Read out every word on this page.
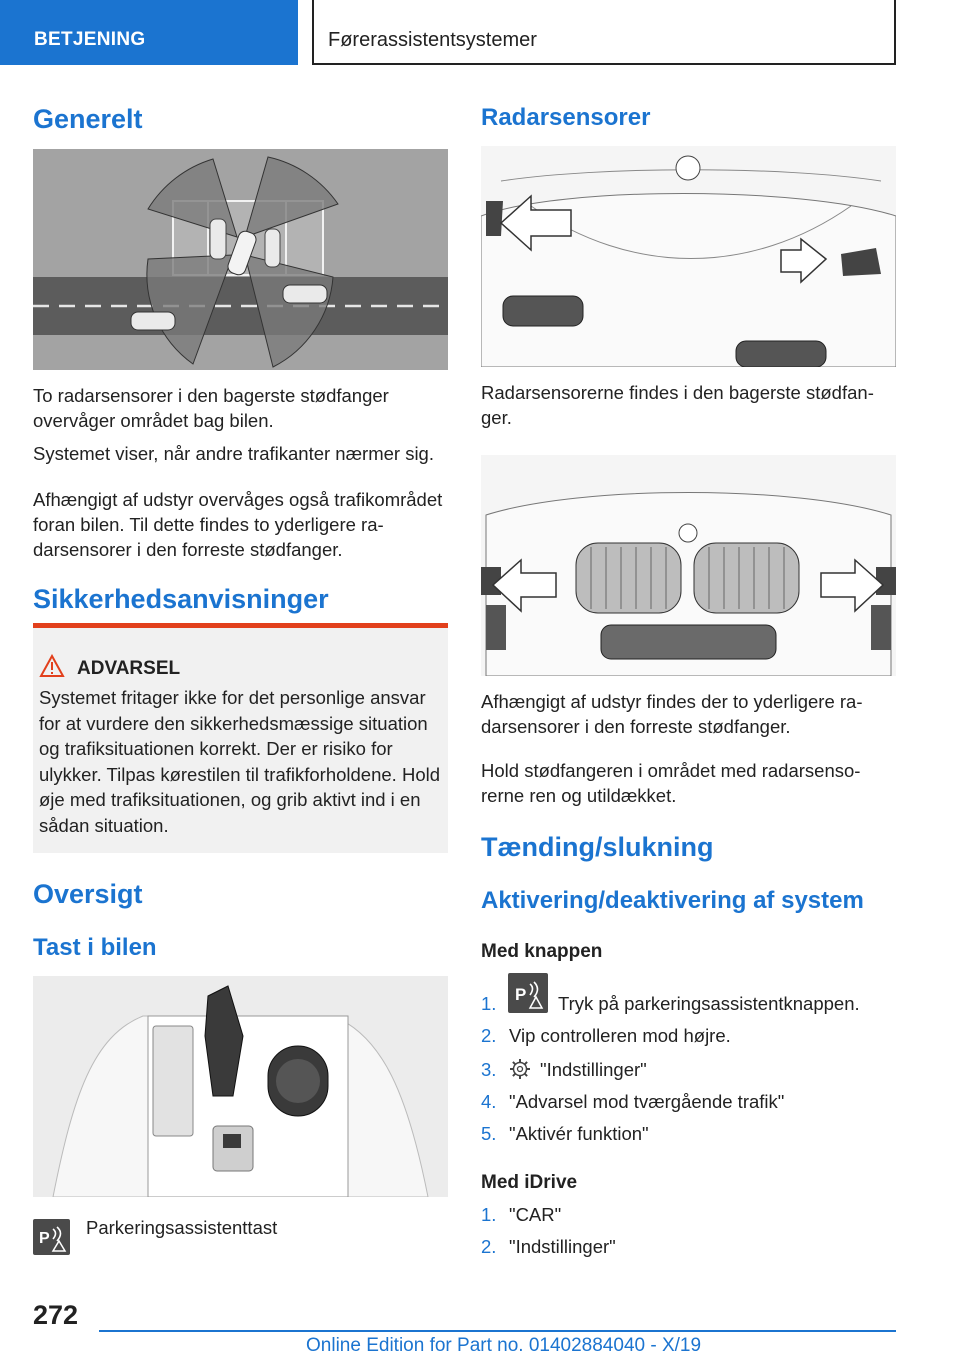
BETJENING	Førerassistentsystemer
Generelt
To radarsensorer i den bagerste stødfanger overvåger området bag bilen.
Systemet viser, når andre trafikanter nærmer sig.
Afhængigt af udstyr overvåges også trafikområdet foran bilen. Til dette findes to yderligere radarsensorer i den forreste stødfanger.
Sikkerhedsanvisninger
ADVARSEL
Systemet fritager ikke for det personlige ansvar for at vurdere den sikkerhedsmæssige situation og trafiksituationen korrekt. Der er risiko for ulykker. Tilpas kørestilen til trafikforholdene. Hold øje med trafiksituationen, og grib aktivt ind i en sådan situation.
Oversigt
Tast i bilen
P
Parkeringsassistenttast
Radarsensorer
Radarsensorerne findes i den bagerste stødfanger.
Afhængigt af udstyr findes der to yderligere radarsensorer i den forreste stødfanger.
Hold stødfangeren i området med radarsensorerne ren og utildækket.
Tænding/slukning
Aktivering/deaktivering af system
Med knappen
1. P Tryk på parkeringsassistentknappen.
2. Vip controlleren mod højre.
3. "Indstillinger"
4. "Advarsel mod tværgående trafik"
5. "Aktivér funktion"
Med iDrive
1. "CAR"
2. "Indstillinger"
272
Online Edition for Part no. 01402884040 - X/19
